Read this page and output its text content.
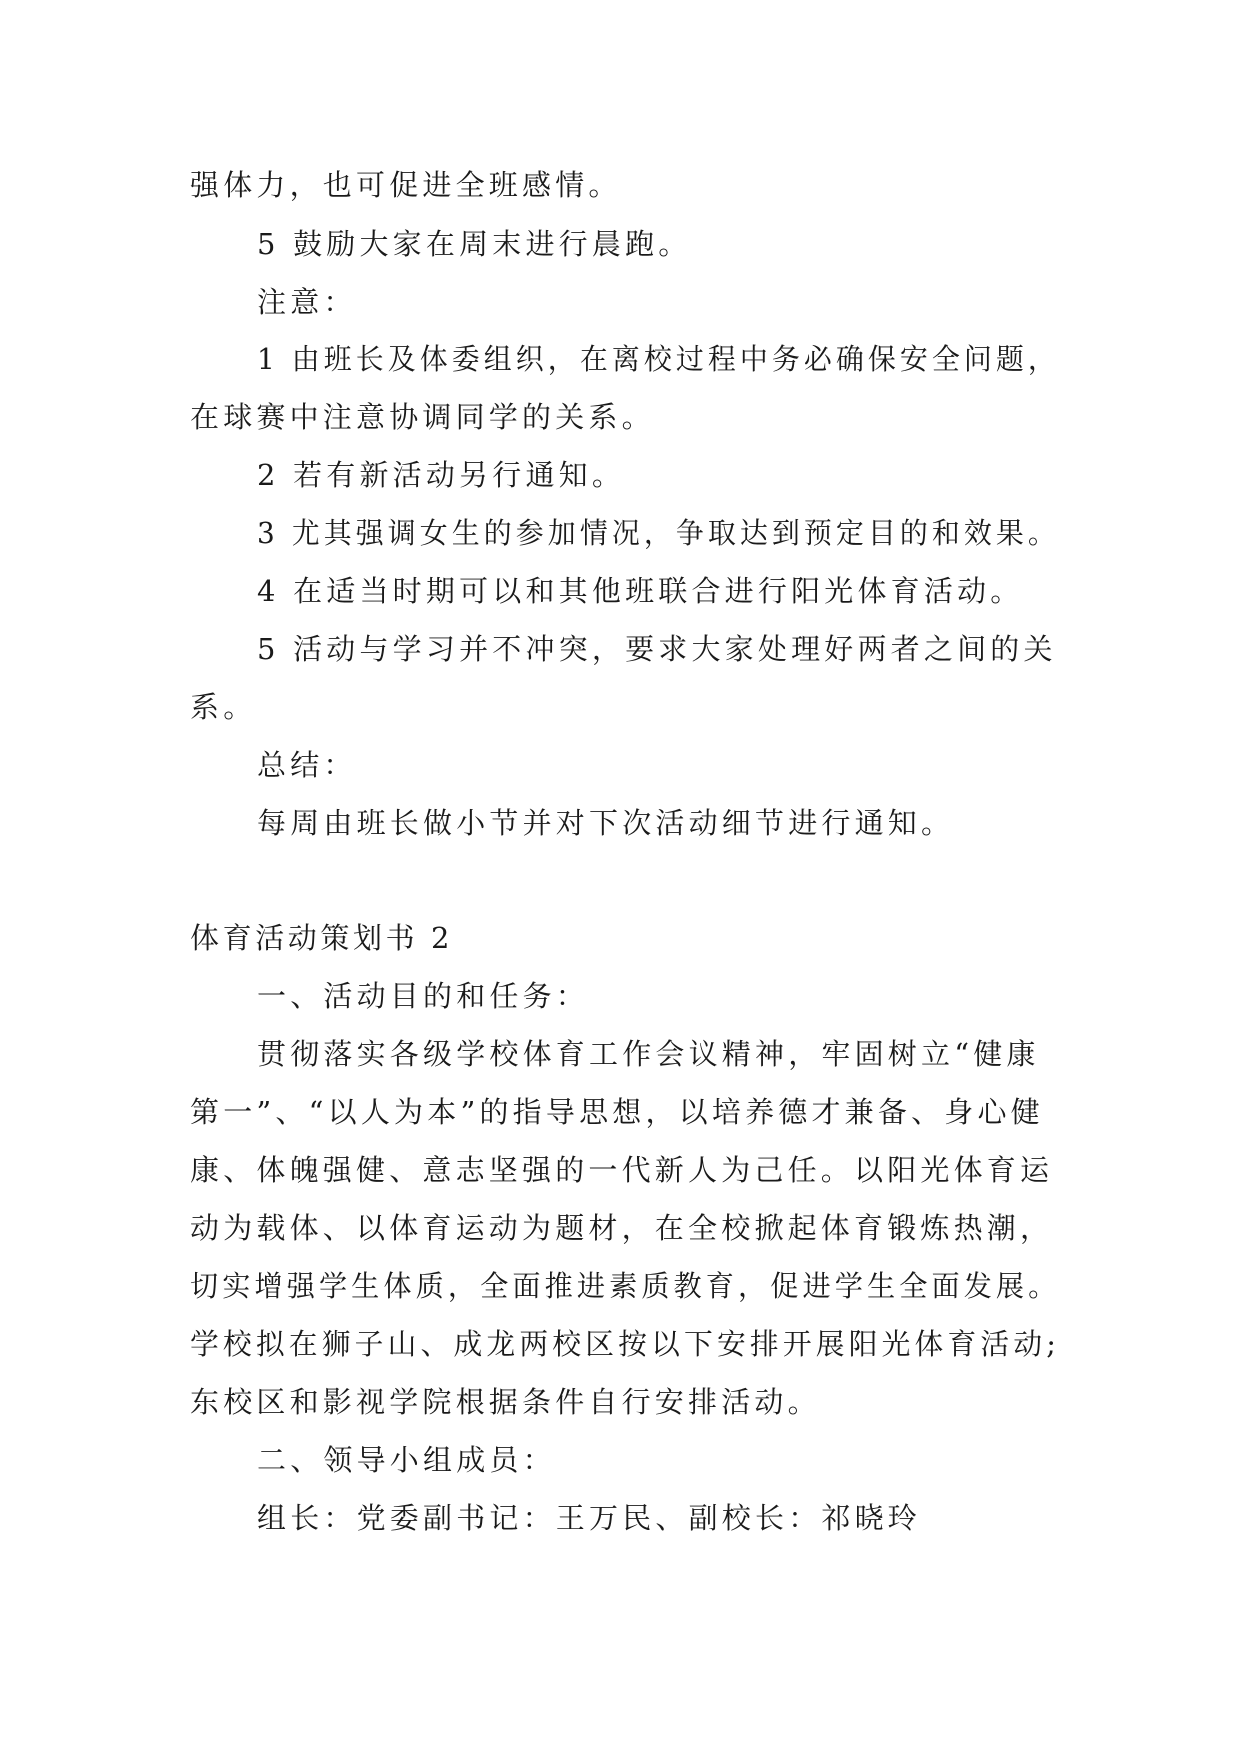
强体力，也可促进全班感情。
5 鼓励大家在周末进行晨跑。
注意：
1 由班长及体委组织，在离校过程中务必确保安全问题，
在球赛中注意协调同学的关系。
2 若有新活动另行通知。
3 尤其强调女生的参加情况，争取达到预定目的和效果。
4 在适当时期可以和其他班联合进行阳光体育活动。
5 活动与学习并不冲突，要求大家处理好两者之间的关
系。
总结：
每周由班长做小节并对下次活动细节进行通知。
体育活动策划书 2
一、活动目的和任务：
贯彻落实各级学校体育工作会议精神，牢固树立“健康
第一”、“以人为本”的指导思想，以培养德才兼备、身心健
康、体魄强健、意志坚强的一代新人为己任。以阳光体育运
动为载体、以体育运动为题材，在全校掀起体育锻炼热潮，
切实增强学生体质，全面推进素质教育，促进学生全面发展。
学校拟在狮子山、成龙两校区按以下安排开展阳光体育活动;
东校区和影视学院根据条件自行安排活动。
二、领导小组成员：
组长：党委副书记：王万民、副校长：祁晓玲
